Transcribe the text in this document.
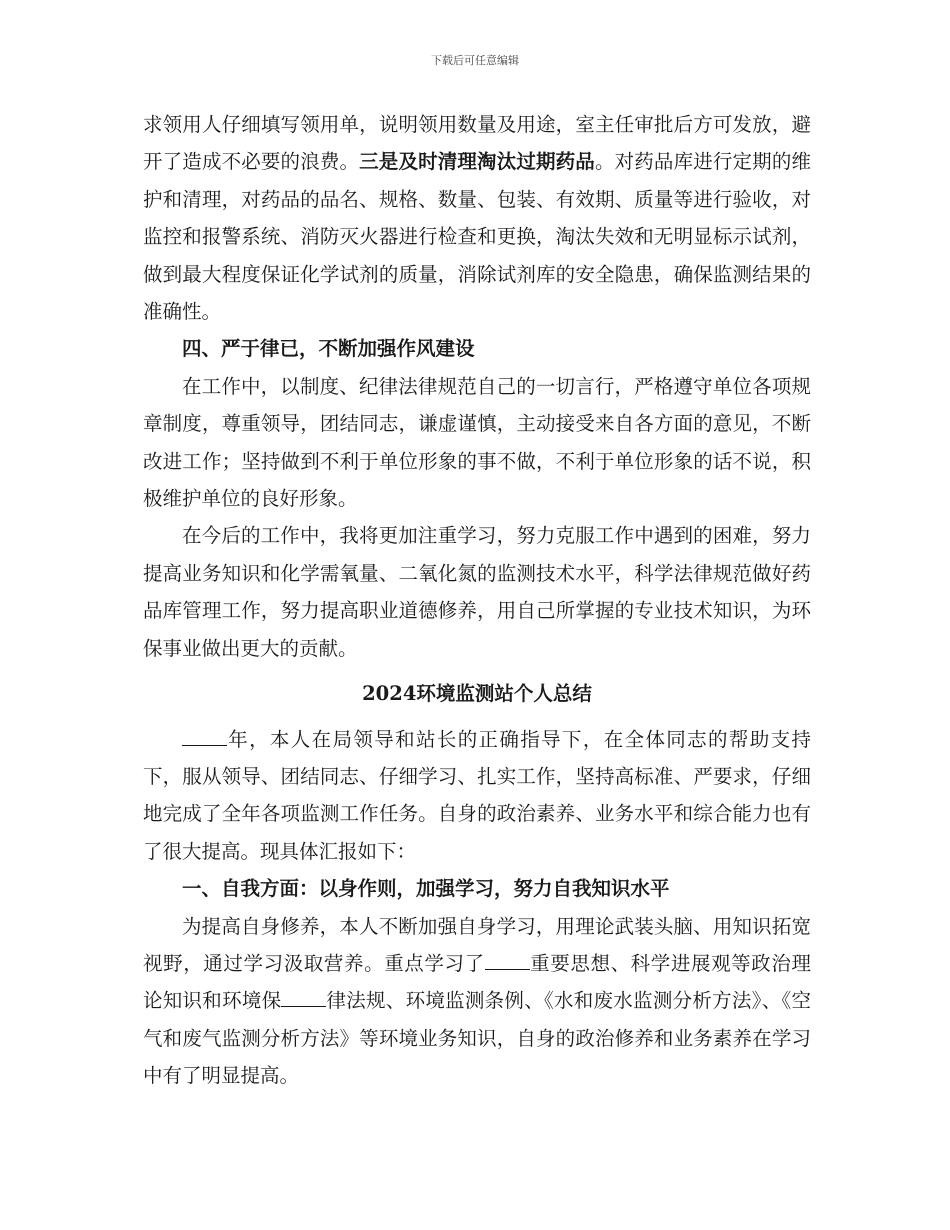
下载后可任意编辑

求领用人仔细填写领用单，说明领用数量及用途，室主任审批后方可发放，避开了造成不必要的浪费。三是及时清理淘汰过期药品。对药品库进行定期的维护和清理，对药品的品名、规格、数量、包装、有效期、质量等进行验收，对监控和报警系统、消防灭火器进行检查和更换，淘汰失效和无明显标示试剂，做到最大程度保证化学试剂的质量，消除试剂库的安全隐患，确保监测结果的准确性。

四、严于律已，不断加强作风建设

在工作中，以制度、纪律法律规范自己的一切言行，严格遵守单位各项规章制度，尊重领导，团结同志，谦虚谨慎，主动接受来自各方面的意见，不断改进工作；坚持做到不利于单位形象的事不做，不利于单位形象的话不说，积极维护单位的良好形象。

在今后的工作中，我将更加注重学习，努力克服工作中遇到的困难，努力提高业务知识和化学需氧量、二氧化氮的监测技术水平，科学法律规范做好药品库管理工作，努力提高职业道德修养，用自己所掌握的专业技术知识，为环保事业做出更大的贡献。

2024环境监测站个人总结

年，本人在局领导和站长的正确指导下，在全体同志的帮助支持下，服从领导、团结同志、仔细学习、扎实工作，坚持高标准、严要求，仔细地完成了全年各项监测工作任务。自身的政治素养、业务水平和综合能力也有了很大提高。现具体汇报如下：

一、自我方面：以身作则，加强学习，努力自我知识水平

为提高自身修养，本人不断加强自身学习，用理论武装头脑、用知识拓宽视野，通过学习汲取营养。重点学习了 重要思想、科学进展观等政治理论知识和环境保 律法规、环境监测条例、《水和废水监测分析方法》、《空气和废气监测分析方法》等环境业务知识，自身的政治修养和业务素养在学习中有了明显提高。
